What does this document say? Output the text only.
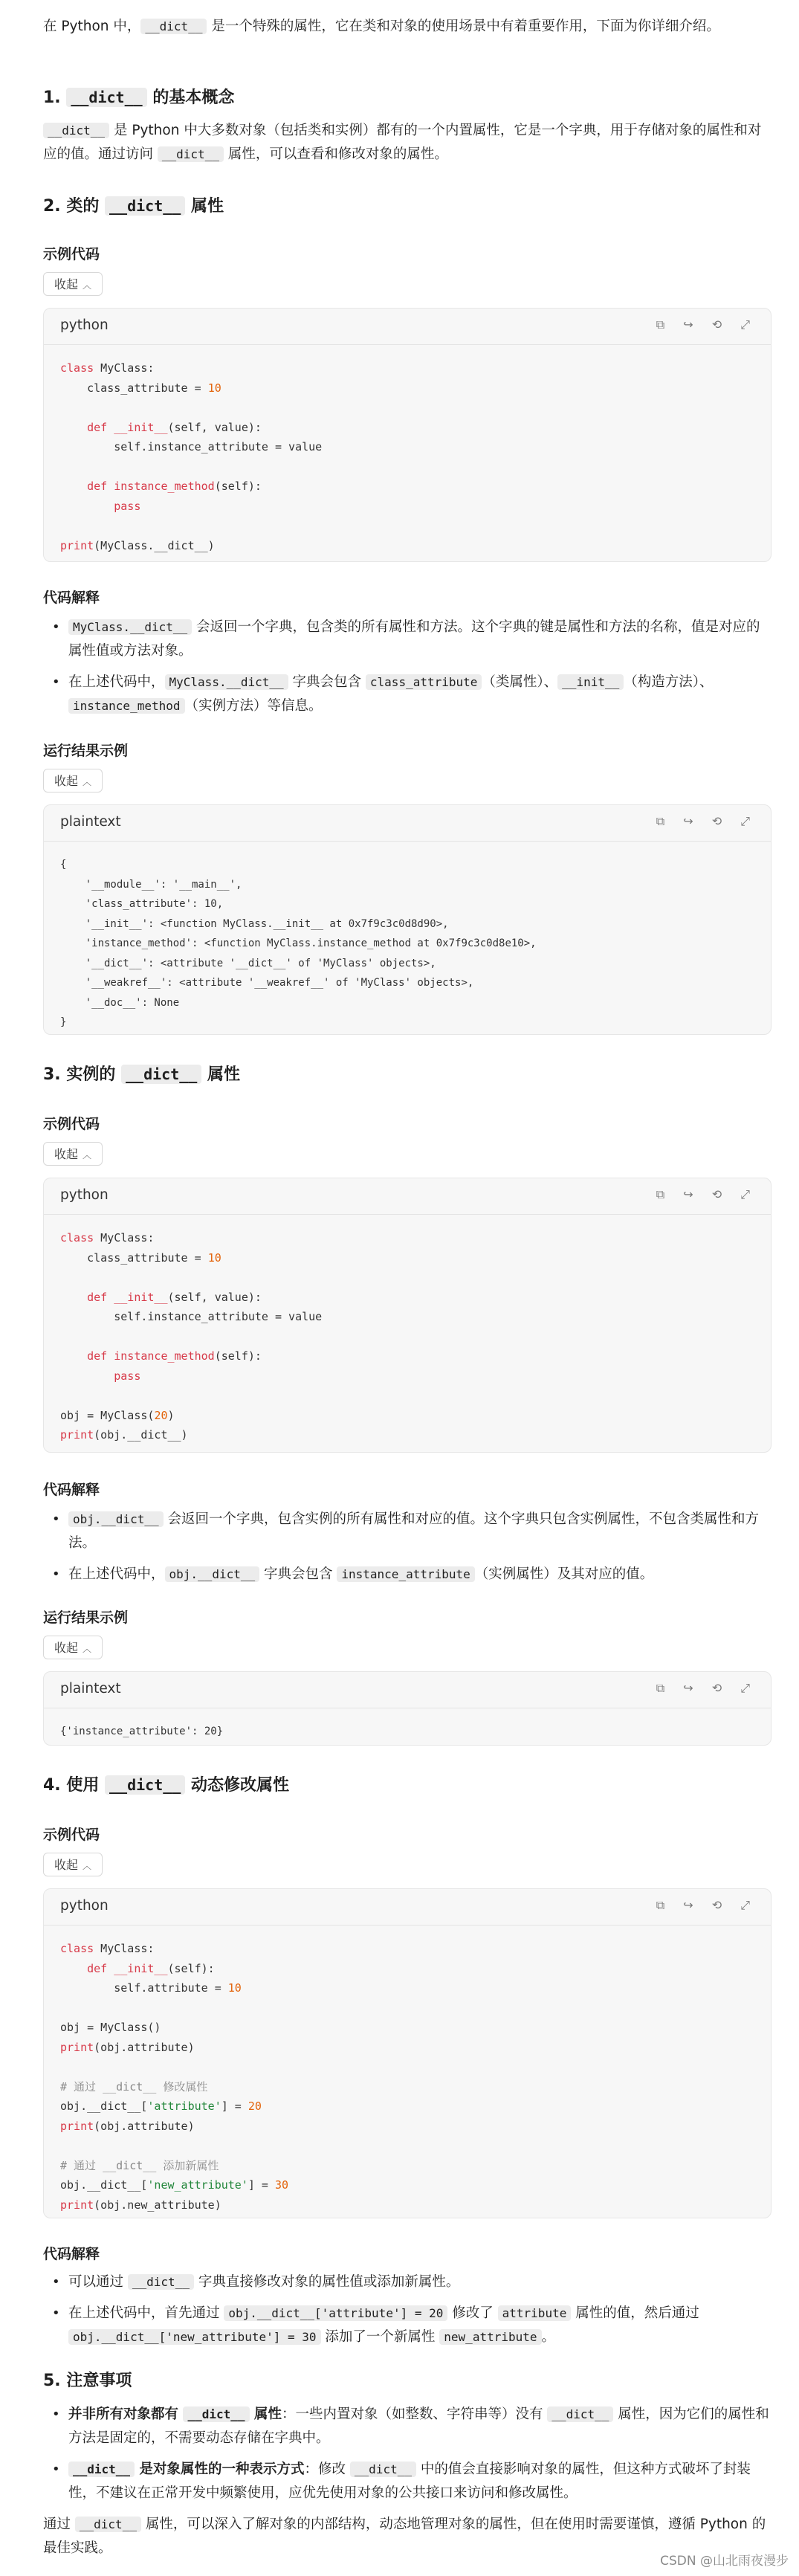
在 Python 中， __dict__ 是一个特殊的属性，它在类和对象的使用场景中有着重要作用，下面为你详细介绍。

1. __dict__ 的基本概念

__dict__ 是 Python 中大多数对象（包括类和实例）都有的一个内置属性，它是一个字典，用于存储对象的属性和对应的值。通过访问 __dict__ 属性，可以查看和修改对象的属性。

2. 类的 __dict__ 属性
示例代码
收起 ︿
python	⧉ ↪ ⟲ ⤢
class MyClass:
class_attribute = 10

def __init__(self, value):
self.instance_attribute = value

def instance_method(self):
pass

print(MyClass.__dict__)
代码解释
• MyClass.__dict__ 会返回一个字典，包含类的所有属性和方法。这个字典的键是属性和方法的名称，值是对应的属性值或方法对象。
• 在上述代码中， MyClass.__dict__ 字典会包含 class_attribute （类属性）、 __init__ （构造方法）、instance_method （实例方法）等信息。
运行结果示例
收起 ︿
plaintext	⧉ ↪ ⟲ ⤢
{
'__module__': '__main__',
'class_attribute': 10,
'__init__': <function MyClass.__init__ at 0x7f9c3c0d8d90>,
'instance_method': <function MyClass.instance_method at 0x7f9c3c0d8e10>,
'__dict__': <attribute '__dict__' of 'MyClass' objects>,
'__weakref__': <attribute '__weakref__' of 'MyClass' objects>,
'__doc__': None
}
3. 实例的 __dict__ 属性
示例代码
收起 ︿
python	⧉ ↪ ⟲ ⤢
class MyClass:
class_attribute = 10

def __init__(self, value):
self.instance_attribute = value

def instance_method(self):
pass

obj = MyClass(20)
print(obj.__dict__)
代码解释
• obj.__dict__ 会返回一个字典，包含实例的所有属性和对应的值。这个字典只包含实例属性，不包含类属性和方法。
• 在上述代码中， obj.__dict__ 字典会包含 instance_attribute （实例属性）及其对应的值。
运行结果示例
收起 ︿
plaintext	⧉ ↪ ⟲ ⤢
{'instance_attribute': 20}
4. 使用 __dict__ 动态修改属性
示例代码
收起 ︿
python	⧉ ↪ ⟲ ⤢
class MyClass:
def __init__(self):
self.attribute = 10

obj = MyClass()
print(obj.attribute)

# 通过 __dict__ 修改属性
obj.__dict__['attribute'] = 20
print(obj.attribute)

# 通过 __dict__ 添加新属性
obj.__dict__['new_attribute'] = 30
print(obj.new_attribute)
代码解释
• 可以通过 __dict__ 字典直接修改对象的属性值或添加新属性。
• 在上述代码中，首先通过 obj.__dict__['attribute'] = 20 修改了 attribute 属性的值，然后通过 obj.__dict__['new_attribute'] = 30 添加了一个新属性 new_attribute 。
5. 注意事项
• 并非所有对象都有 __dict__ 属性：一些内置对象（如整数、字符串等）没有 __dict__ 属性，因为它们的属性和方法是固定的，不需要动态存储在字典中。
• __dict__ 是对象属性的一种表示方式：修改 __dict__ 中的值会直接影响对象的属性，但这种方式破坏了封装性，不建议在正常开发中频繁使用，应优先使用对象的公共接口来访问和修改属性。

通过 __dict__ 属性，可以深入了解对象的内部结构，动态地管理对象的属性，但在使用时需要谨慎，遵循 Python 的最佳实践。

CSDN @山北雨夜漫步
